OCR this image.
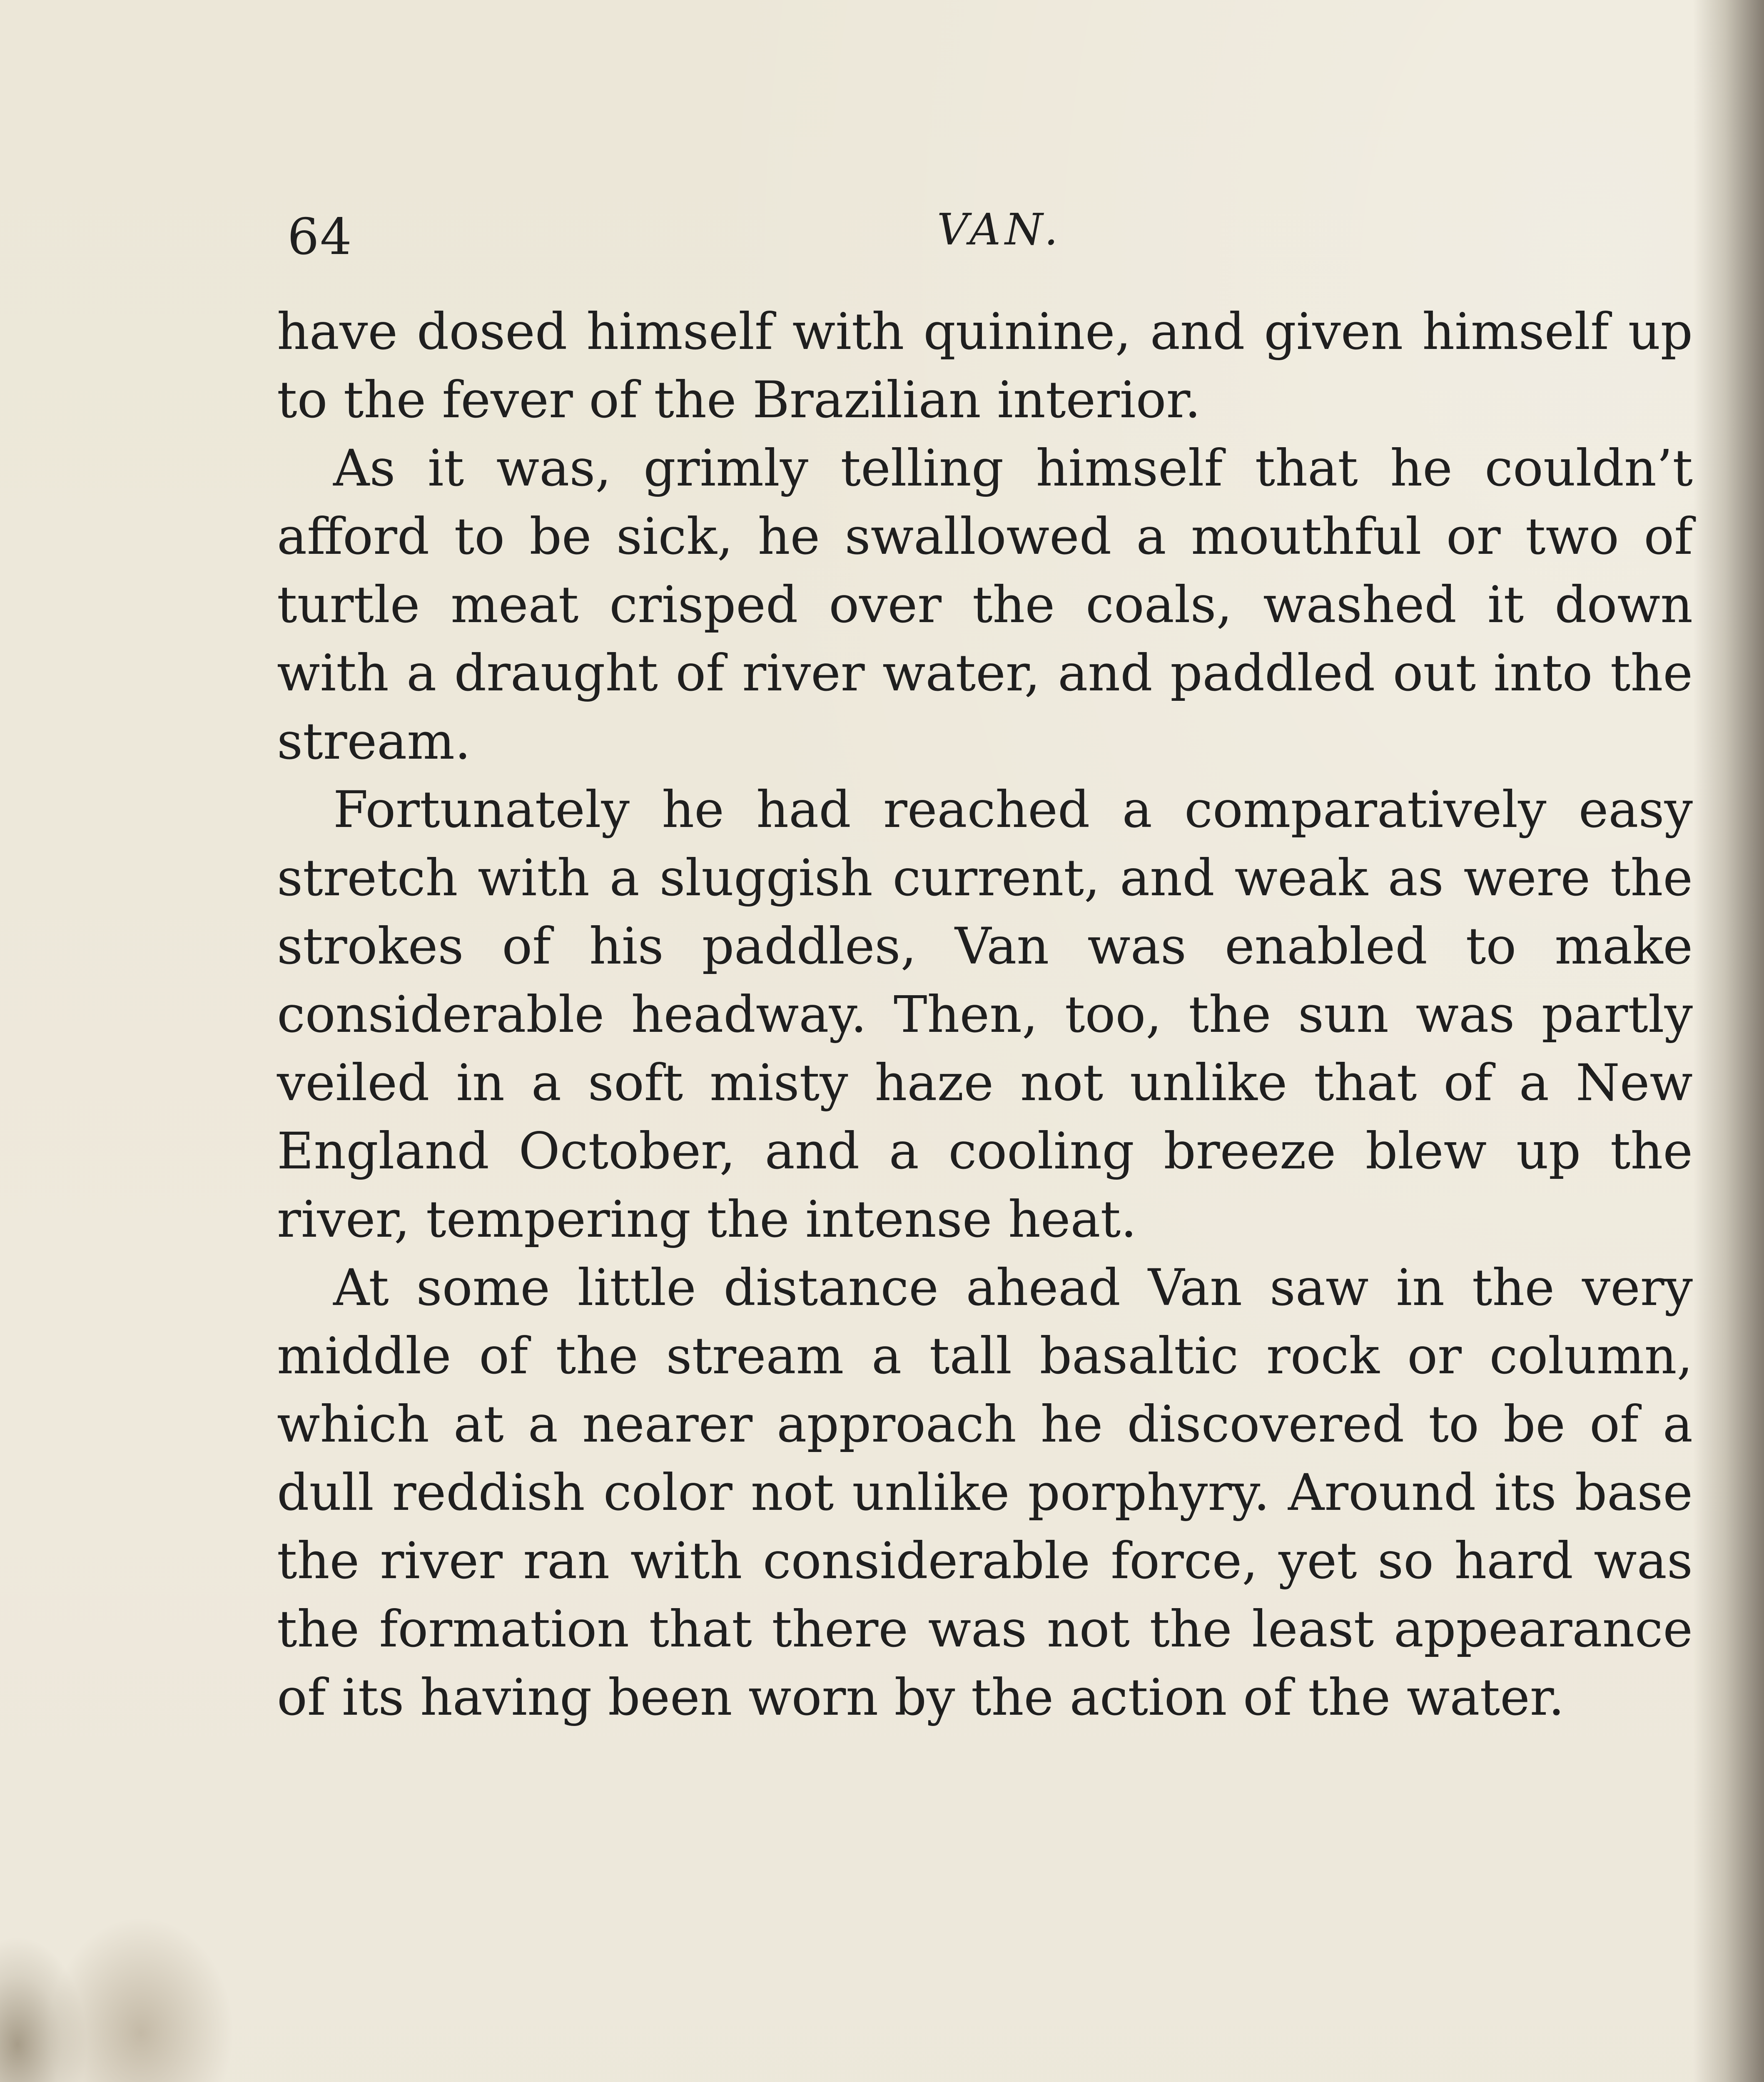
64	VAN.

have dosed himself with quinine, and given himself up to the fever of the Brazilian interior.

As it was, grimly telling himself that he couldn’t afford to be sick, he swallowed a mouthful or two of turtle meat crisped over the coals, washed it down with a draught of river water, and paddled out into the stream.

Fortunately he had reached a comparatively easy stretch with a sluggish current, and weak as were the strokes of his paddles, Van was enabled to make considerable headway. Then, too, the sun was partly veiled in a soft misty haze not unlike that of a New England October, and a cooling breeze blew up the river, tempering the intense heat.

At some little distance ahead Van saw in the very middle of the stream a tall basaltic rock or column, which at a nearer approach he discovered to be of a dull reddish color not unlike porphyry. Around its base the river ran with considerable force, yet so hard was the formation that there was not the least appearance of its having been worn by the action of the water.
